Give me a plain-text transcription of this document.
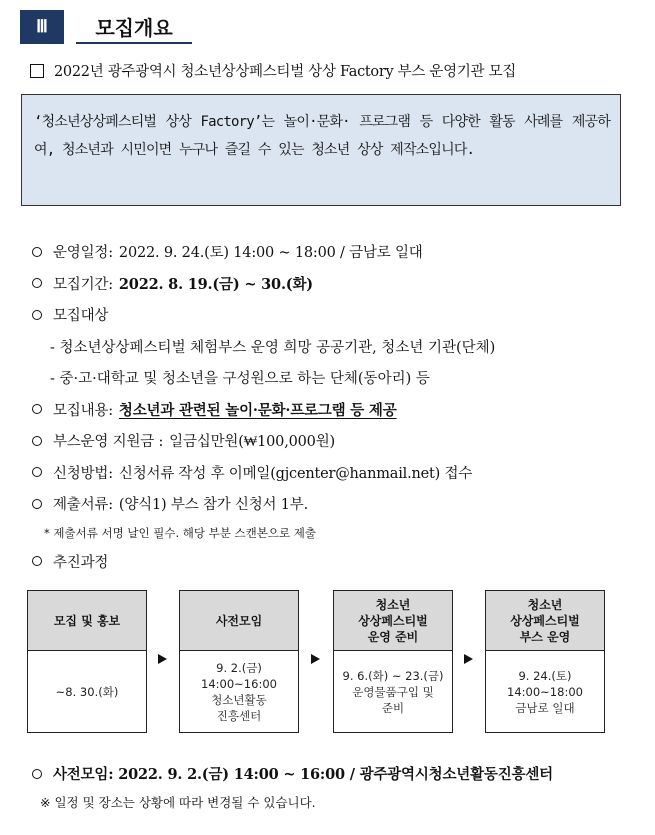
Ⅲ	모집개요
2022년 광주광역시 청소년상상페스티벌 상상 Factory 부스 운영기관 모집
‘청소년상상페스티벌 상상 Factory’는 놀이·문화· 프로그램 등 다양한 활동 사례를 제공하여, 청소년과 시민이면 누구나 즐길 수 있는 청소년 상상 제작소입니다.
운영일정: 2022. 9. 24.(토) 14:00 ~ 18:00 / 금남로 일대
모집기간: 2022. 8. 19.(금) ~ 30.(화)
모집대상
- 청소년상상페스티벌 체험부스 운영 희망 공공기관, 청소년 기관(단체)
- 중·고·대학교 및 청소년을 구성원으로 하는 단체(동아리) 등
모집내용: 청소년과 관련된 놀이·문화·프로그램 등 제공
부스운영 지원금 : 일금십만원(₩100,000원)
신청방법: 신청서류 작성 후 이메일(gjcenter@hanmail.net) 접수
제출서류: (양식1) 부스 참가 신청서 1부.
* 제출서류 서명 날인 필수. 해당 부분 스캔본으로 제출
추진과정
모집 및 홍보
~8. 30.(화)
사전모임
9. 2.(금)
14:00~16:00
청소년활동
진흥센터
청소년
상상페스티벌
운영 준비
9. 6.(화) ~ 23.(금)
운영물품구입 및
준비
청소년
상상페스티벌
부스 운영
9. 24.(토)
14:00~18:00
금남로 일대
사전모임: 2022. 9. 2.(금) 14:00 ~ 16:00 / 광주광역시청소년활동진흥센터
※ 일정 및 장소는 상황에 따라 변경될 수 있습니다.
